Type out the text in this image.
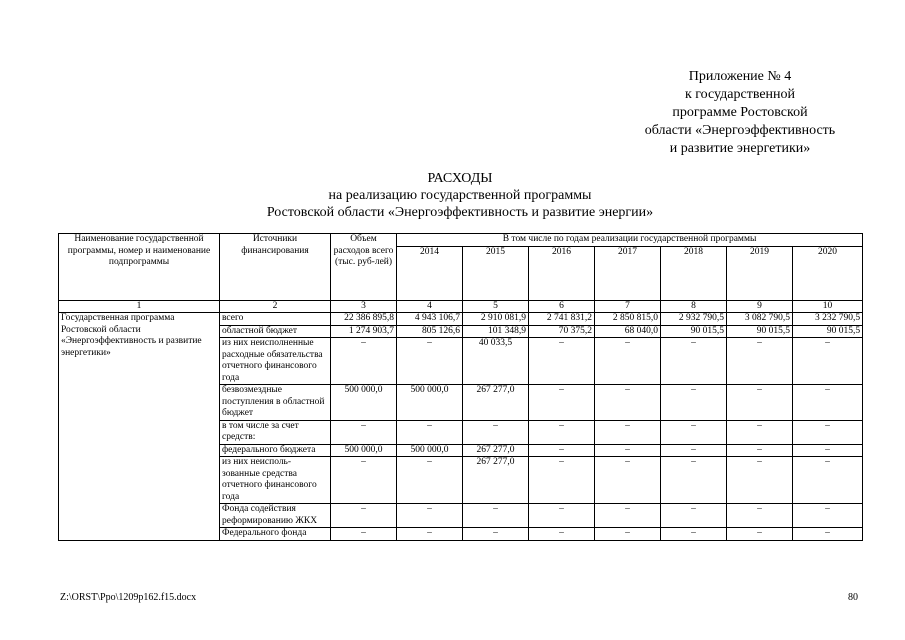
Приложение № 4
к государственной
программе Ростовской
области «Энергоэффективность
и развитие энергетики»
РАСХОДЫ
на реализацию государственной программы
Ростовской области «Энергоэффективность и развитие энергии»
Наименование государственной программы, номер и наименование подпрограммы	Источники финансирования	Объем расходов всего (тыс. руб-лей)	В том числе по годам реализации государственной программы						
			2014	2015	2016	2017	2018	2019	2020
1	2	3	4	5	6	7	8	9	10
Государственная программа Ростовской области «Энергоэффективность и развитие энергетики»	всего	22 386 895,8	4 943 106,7	2 910 081,9	2 741 831,2	2 850 815,0	2 932 790,5	3 082 790,5	3 232 790,5
	областной бюджет	1 274 903,7	805 126,6	101 348,9	70 375,2	68 040,0	90 015,5	90 015,5	90 015,5
	из них неисполненные расходные обязательства отчетного финансового года	–	–	40 033,5	–	–	–	–	–
	безвозмездные поступления в областной бюджет	500 000,0	500 000,0	267 277,0	–	–	–	–	–
	в том числе за счет средств:	–	–	–	–	–	–	–	–
	федерального бюджета	500 000,0	500 000,0	267 277,0	–	–	–	–	–
	из них неисполь-зованные средства отчетного финансового года	–	–	267 277,0	–	–	–	–	–
	Фонда содействия реформированию ЖКХ	–	–	–	–	–	–	–	–
	Федерального фонда	–	–	–	–	–	–	–	–
Z:\ORST\Ppo\1209p162.f15.docx	80
